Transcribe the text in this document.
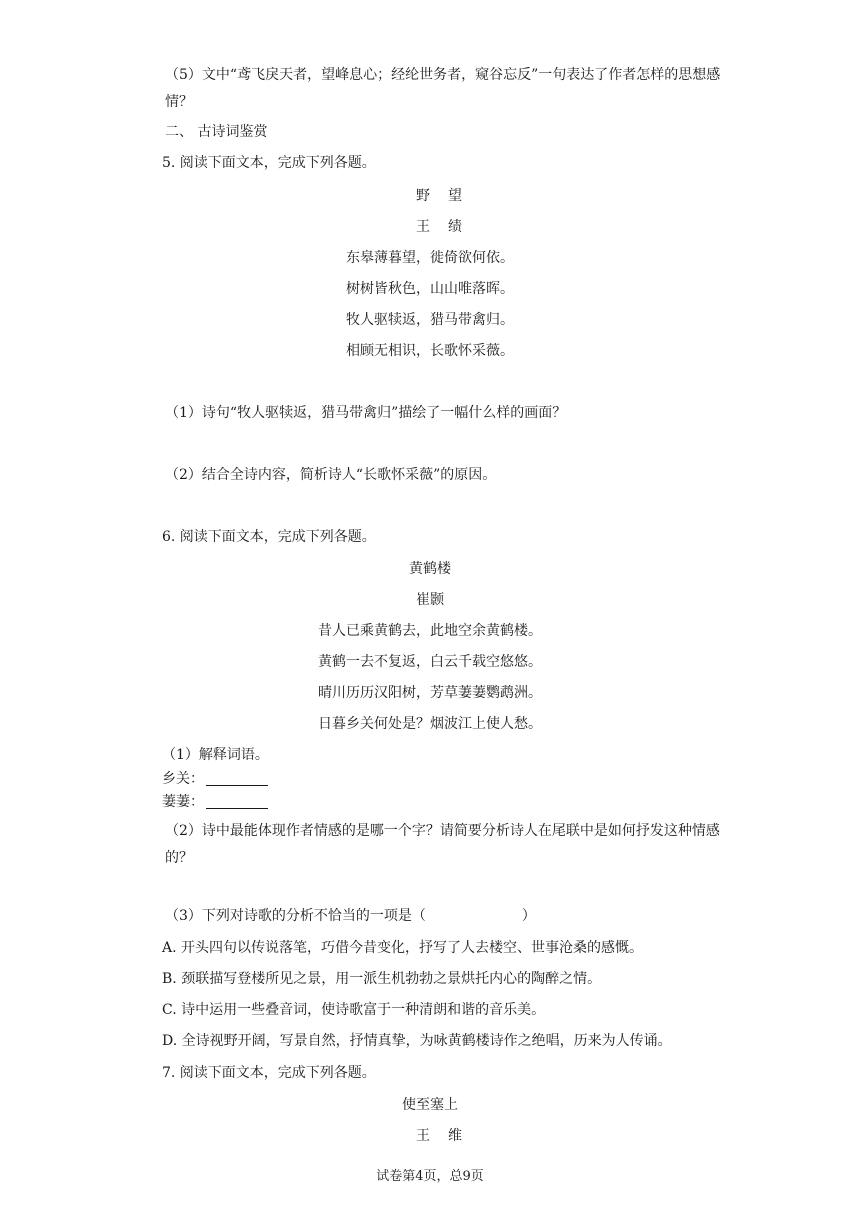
（5）文中“鸢飞戾天者，望峰息心；经纶世务者，窥谷忘反”一句表达了作者怎样的思想感情？
二、 古诗词鉴赏
5. 阅读下面文本，完成下列各题。
野望
王绩
东皋薄暮望，徙倚欲何依。
树树皆秋色，山山唯落晖。
牧人驱犊返，猎马带禽归。
相顾无相识，长歌怀采薇。
（1）诗句“牧人驱犊返，猎马带禽归”描绘了一幅什么样的画面？
（2）结合全诗内容，简析诗人“长歌怀采薇”的原因。
6. 阅读下面文本，完成下列各题。
黄鹤楼
崔颢
昔人已乘黄鹤去，此地空余黄鹤楼。
黄鹤一去不复返，白云千载空悠悠。
晴川历历汉阳树，芳草萋萋鹦鹉洲。
日暮乡关何处是？烟波江上使人愁。
（1）解释词语。
乡关：
萋萋：
（2）诗中最能体现作者情感的是哪一个字？请简要分析诗人在尾联中是如何抒发这种情感的？
（3）下列对诗歌的分析不恰当的一项是（	）
A. 开头四句以传说落笔，巧借今昔变化，抒写了人去楼空、世事沧桑的感慨。
B. 颈联描写登楼所见之景，用一派生机勃勃之景烘托内心的陶醉之情。
C. 诗中运用一些叠音词，使诗歌富于一种清朗和谐的音乐美。
D. 全诗视野开阔，写景自然，抒情真挚，为咏黄鹤楼诗作之绝唱，历来为人传诵。
7. 阅读下面文本，完成下列各题。
使至塞上
王维
试卷第4页，总9页
